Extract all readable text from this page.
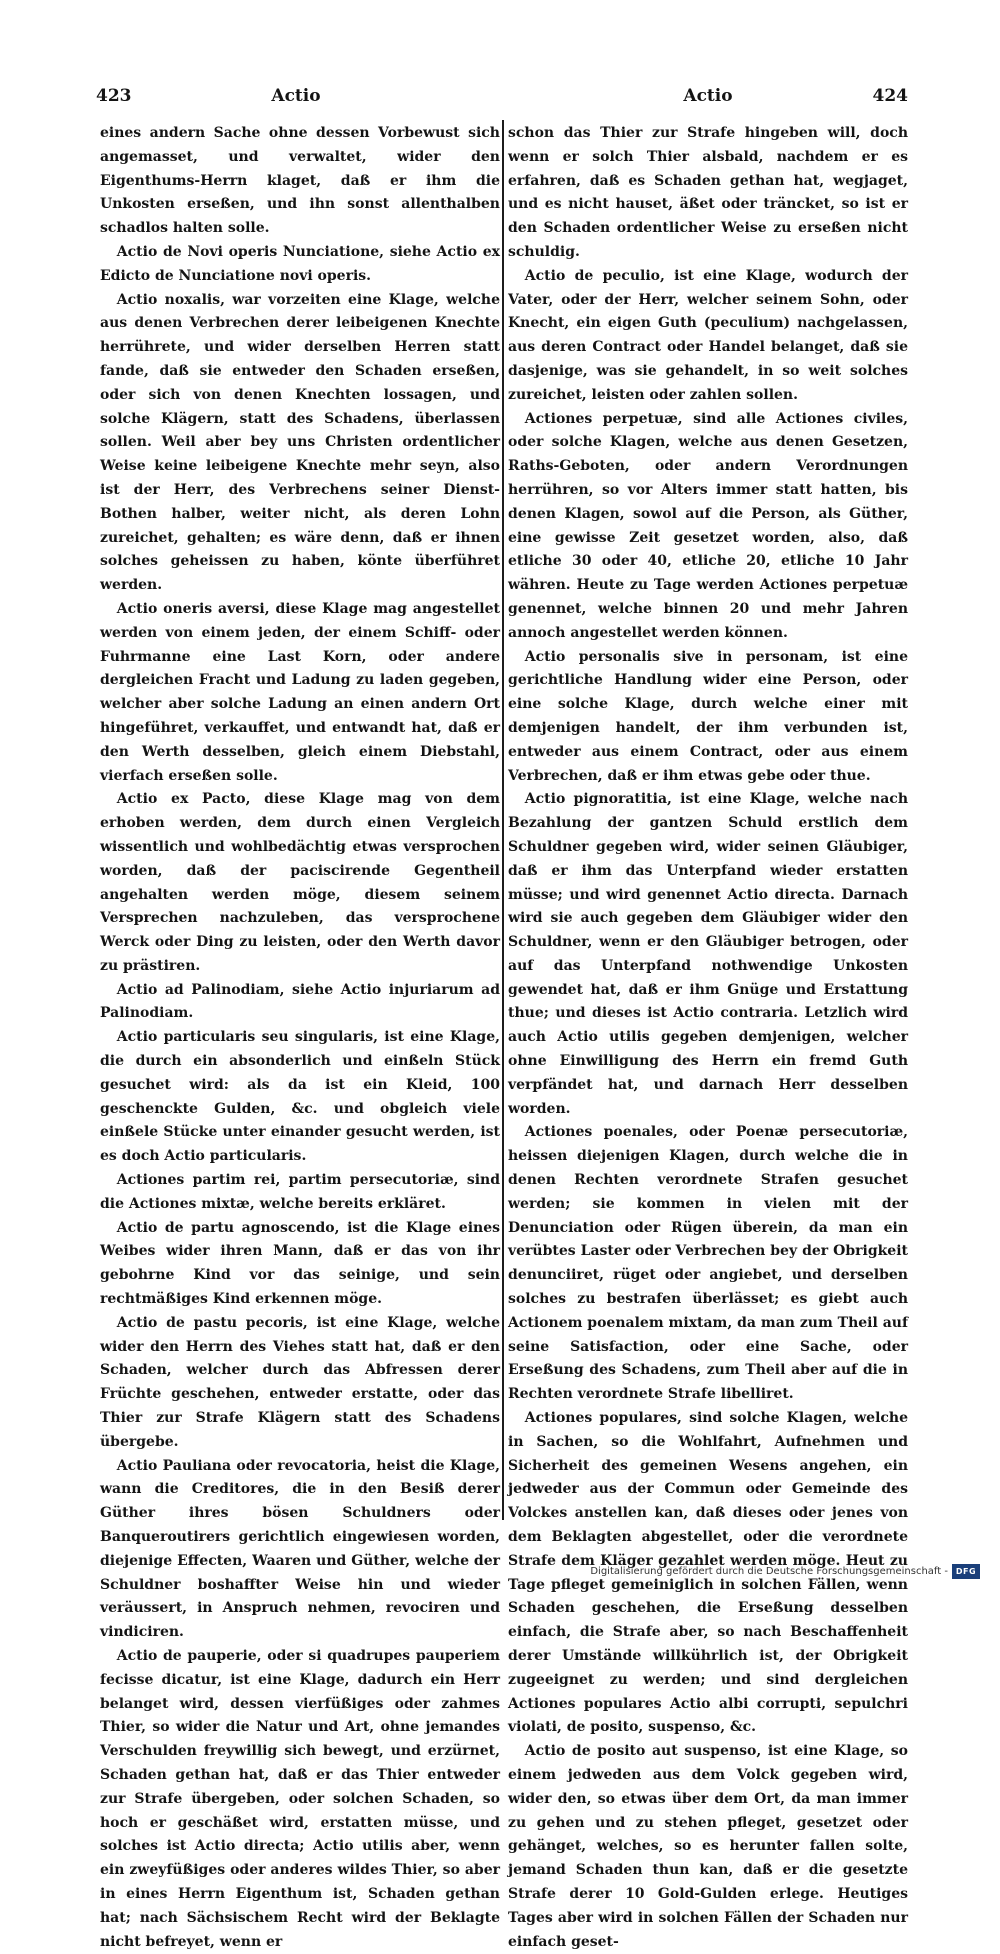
423	Actio	Actio	424

eines andern Sache ohne dessen Vorbewust sich angemasset, und verwaltet, wider den Eigenthums-Herrn klaget, daß er ihm die Unkosten erseßen, und ihn sonst allenthalben schadlos halten solle.

Actio de Novi operis Nunciatione, siehe Actio ex Edicto de Nunciatione novi operis.

Actio noxalis, war vorzeiten eine Klage, welche aus denen Verbrechen derer leibeigenen Knechte herrührete, und wider derselben Herren statt fande, daß sie entweder den Schaden erseßen, oder sich von denen Knechten lossagen, und solche Klägern, statt des Schadens, überlassen sollen. Weil aber bey uns Christen ordentlicher Weise keine leibeigene Knechte mehr seyn, also ist der Herr, des Verbrechens seiner Dienst-Bothen halber, weiter nicht, als deren Lohn zureichet, gehalten; es wäre denn, daß er ihnen solches geheissen zu haben, könte überführet werden.

Actio oneris aversi, diese Klage mag angestellet werden von einem jeden, der einem Schiff- oder Fuhrmanne eine Last Korn, oder andere dergleichen Fracht und Ladung zu laden gegeben, welcher aber solche Ladung an einen andern Ort hingeführet, verkauffet, und entwandt hat, daß er den Werth desselben, gleich einem Diebstahl, vierfach erseßen solle.

Actio ex Pacto, diese Klage mag von dem erhoben werden, dem durch einen Vergleich wissentlich und wohlbedächtig etwas versprochen worden, daß der paciscirende Gegentheil angehalten werden möge, diesem seinem Versprechen nachzuleben, das versprochene Werck oder Ding zu leisten, oder den Werth davor zu prästiren.

Actio ad Palinodiam, siehe Actio injuriarum ad Palinodiam.

Actio particularis seu singularis, ist eine Klage, die durch ein absonderlich und einßeln Stück gesuchet wird: als da ist ein Kleid, 100 geschenckte Gulden, &c. und obgleich viele einßele Stücke unter einander gesucht werden, ist es doch Actio particularis.

Actiones partim rei, partim persecutoriæ, sind die Actiones mixtæ, welche bereits erkläret.

Actio de partu agnoscendo, ist die Klage eines Weibes wider ihren Mann, daß er das von ihr gebohrne Kind vor das seinige, und sein rechtmäßiges Kind erkennen möge.

Actio de pastu pecoris, ist eine Klage, welche wider den Herrn des Viehes statt hat, daß er den Schaden, welcher durch das Abfressen derer Früchte geschehen, entweder erstatte, oder das Thier zur Strafe Klägern statt des Schadens übergebe.

Actio Pauliana oder revocatoria, heist die Klage, wann die Creditores, die in den Besiß derer Güther ihres bösen Schuldners oder Banqueroutirers gerichtlich eingewiesen worden, diejenige Effecten, Waaren und Güther, welche der Schuldner boshaffter Weise hin und wieder veräussert, in Anspruch nehmen, revociren und vindiciren.

Actio de pauperie, oder si quadrupes pauperiem fecisse dicatur, ist eine Klage, dadurch ein Herr belanget wird, dessen vierfüßiges oder zahmes Thier, so wider die Natur und Art, ohne jemandes Verschulden freywillig sich bewegt, und erzürnet, Schaden gethan hat, daß er das Thier entweder zur Strafe übergeben, oder solchen Schaden, so hoch er geschäßet wird, erstatten müsse, und solches ist Actio directa; Actio utilis aber, wenn ein zweyfüßiges oder anderes wildes Thier, so aber in eines Herrn Eigenthum ist, Schaden gethan hat; nach Sächsischem Recht wird der Beklagte nicht befreyet, wenn er

schon das Thier zur Strafe hingeben will, doch wenn er solch Thier alsbald, nachdem er es erfahren, daß es Schaden gethan hat, wegjaget, und es nicht hauset, äßet oder träncket, so ist er den Schaden ordentlicher Weise zu erseßen nicht schuldig.

Actio de peculio, ist eine Klage, wodurch der Vater, oder der Herr, welcher seinem Sohn, oder Knecht, ein eigen Guth (peculium) nachgelassen, aus deren Contract oder Handel belanget, daß sie dasjenige, was sie gehandelt, in so weit solches zureichet, leisten oder zahlen sollen.

Actiones perpetuæ, sind alle Actiones civiles, oder solche Klagen, welche aus denen Gesetzen, Raths-Geboten, oder andern Verordnungen herrühren, so vor Alters immer statt hatten, bis denen Klagen, sowol auf die Person, als Güther, eine gewisse Zeit gesetzet worden, also, daß etliche 30 oder 40, etliche 20, etliche 10 Jahr währen. Heute zu Tage werden Actiones perpetuæ genennet, welche binnen 20 und mehr Jahren annoch angestellet werden können.

Actio personalis sive in personam, ist eine gerichtliche Handlung wider eine Person, oder eine solche Klage, durch welche einer mit demjenigen handelt, der ihm verbunden ist, entweder aus einem Contract, oder aus einem Verbrechen, daß er ihm etwas gebe oder thue.

Actio pignoratitia, ist eine Klage, welche nach Bezahlung der gantzen Schuld erstlich dem Schuldner gegeben wird, wider seinen Gläubiger, daß er ihm das Unterpfand wieder erstatten müsse; und wird genennet Actio directa. Darnach wird sie auch gegeben dem Gläubiger wider den Schuldner, wenn er den Gläubiger betrogen, oder auf das Unterpfand nothwendige Unkosten gewendet hat, daß er ihm Gnüge und Erstattung thue; und dieses ist Actio contraria. Letzlich wird auch Actio utilis gegeben demjenigen, welcher ohne Einwilligung des Herrn ein fremd Guth verpfändet hat, und darnach Herr desselben worden.

Actiones poenales, oder Poenæ persecutoriæ, heissen diejenigen Klagen, durch welche die in denen Rechten verordnete Strafen gesuchet werden; sie kommen in vielen mit der Denunciation oder Rügen überein, da man ein verübtes Laster oder Verbrechen bey der Obrigkeit denunciiret, rüget oder angiebet, und derselben solches zu bestrafen überlässet; es giebt auch Actionem poenalem mixtam, da man zum Theil auf seine Satisfaction, oder eine Sache, oder Erseßung des Schadens, zum Theil aber auf die in Rechten verordnete Strafe libelliret.

Actiones populares, sind solche Klagen, welche in Sachen, so die Wohlfahrt, Aufnehmen und Sicherheit des gemeinen Wesens angehen, ein jedweder aus der Commun oder Gemeinde des Volckes anstellen kan, daß dieses oder jenes von dem Beklagten abgestellet, oder die verordnete Strafe dem Kläger gezahlet werden möge. Heut zu Tage pfleget gemeiniglich in solchen Fällen, wenn Schaden geschehen, die Erseßung desselben einfach, die Strafe aber, so nach Beschaffenheit derer Umstände willkührlich ist, der Obrigkeit zugeeignet zu werden; und sind dergleichen Actiones populares Actio albi corrupti, sepulchri violati, de posito, suspenso, &c.

Actio de posito aut suspenso, ist eine Klage, so einem jedweden aus dem Volck gegeben wird, wider den, so etwas über dem Ort, da man immer zu gehen und zu stehen pfleget, gesetzet oder gehänget, welches, so es herunter fallen solte, jemand Schaden thun kan, daß er die gesetzte Strafe derer 10 Gold-Gulden erlege. Heutiges Tages aber wird in solchen Fällen der Schaden nur einfach geset-

Digitalisierung gefördert durch die Deutsche Forschungsgemeinschaft - DFG
